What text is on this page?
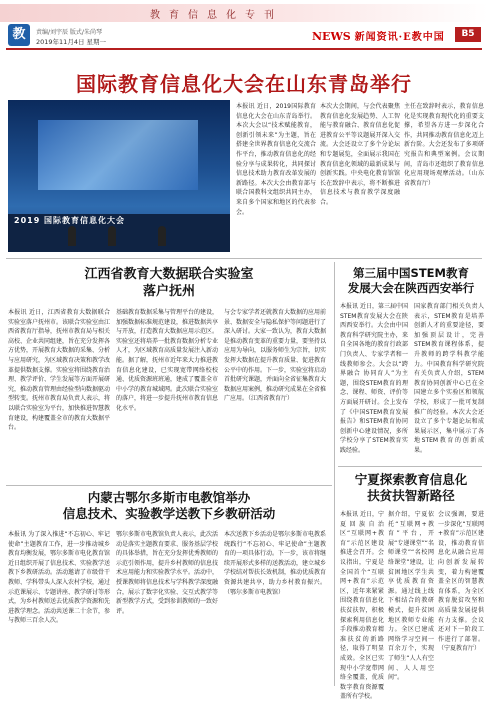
教育信息化专刊
教	责编/刘宇辰 版式/朱尚琴
2019年11月4日 星期一	NEWS 新闻资讯·E教中国	B5
国际教育信息化大会在山东青岛举行
2019 国际教育信息化大会
本报讯 近日，2019国际教育信息化大会在山东青岛举行。本次大会以“技术赋能教育，创新引领未来”为主题，旨在搭建全世界教育信息化交流合作平台，推动教育信息化的经验分享与成果转化，共同探讨信息技术助力教育改革发展的新路径。本次大会由教育部与联合国教科文组织共同主办，来自多个国家和地区的代表参会。
本次大会期间，与会代表聚焦教育信息化发展趋势、人工智能与教育融合、教育信息化促进教育公平等议题展开深入交流。大会还设立了多个分论坛和专题展览，全面展示我国在教育信息化领域的最新成果与创新实践。中央电化教育馆馆长在致辞中表示，将不断推进信息技术与教育教学深度融合。
主任在致辞时表示，教育信息化是实现教育现代化的重要支撑，希望各方进一步深化合作，共同推动教育信息化迈上新台阶。大会还发布了多项研究报告和典型案例。会议期间，青岛市还组织了教育信息化应用现场观摩活动。（山东省教育厅）
江西省教育大数据联合实验室
落户抚州
本报讯 近日，江西省教育大数据联合实验室落户抚州市。该联合实验室由江西省教育厅指导，抚州市教育局与相关高校、企业共同组建，旨在充分发挥各方优势，开展教育大数据的采集、分析与应用研究，为区域教育决策和教学改革提供数据支撑。实验室将围绕教育治理、教学评价、学生发展等方面开展研究，推动教育管理由经验型向数据驱动型转变。抚州市教育局负责人表示，将以联合实验室为平台，加快推进智慧教育建设，构建覆盖全市的教育大数据平台。
基础教育数据采集与管理平台的建设，加强数据标准规范建设，推进数据共享与开放，打造教育大数据应用示范区。实验室还将培养一批教育数据分析专业人才，为区域教育高质量发展注入新动能。据了解，抚州市近年来大力推进教育信息化建设，已实现宽带网络校校通、优质资源班班通，建成了覆盖全市中小学的教育城域网。此次联合实验室的落户，将进一步提升抚州市教育信息化水平。
与会专家学者还就教育大数据的应用前景、数据安全与隐私保护等问题进行了深入研讨。大家一致认为，教育大数据是推动教育变革的重要力量，要坚持以应用为导向，以服务师生为宗旨，切实发挥大数据在提升教育质量、促进教育公平中的作用。下一步，实验室将启动首批研究课题，并面向全省征集教育大数据应用案例，推动研究成果在全省推广应用。（江西省教育厅）
第三届中国STEM教育
发展大会在陕西西安举行
本报讯 近日，第三届中国STEM教育发展大会在陕西西安举行。大会由中国教育科学研究院主办，来自全国各地的教育行政部门负责人、专家学者和一线教师参会。大会以“跨界融合 协同育人”为主题，围绕STEM教育的理念、课程、师资、评价等方面展开研讨。会上发布了《中国STEM教育发展报告》和STEM教育协同创新中心建设情况，多所学校分享了STEM教育实践经验。
国家教育部门相关负责人表示，STEM教育是培养创新人才的重要途径，要加强顶层设计，完善STEM教育课程体系，提升教师的跨学科教学能力。中国教育科学研究院有关负责人介绍，STEM教育协同创新中心已在全国建立多个实验区和领航学校，形成了一批可复制推广的经验。本次大会还设立了多个专题论坛和成果展示区，集中展示了各地STEM教育的创新成果。
内蒙古鄂尔多斯市电教馆举办
信息技术、实验教学送教下乡教研活动
本报讯 为了深入推进“不忘初心、牢记使命”主题教育工作，进一步推动城乡教育均衡发展，鄂尔多斯市电化教育馆近日组织开展了信息技术、实验教学送教下乡教研活动。活动邀请了市级骨干教师、学科带头人深入农村学校，通过示范课展示、专题讲座、教学研讨等形式，为乡村教师送去优质教学资源和先进教学理念。活动共送课二十余节，参与教师三百余人次。
鄂尔多斯市电教馆负责人表示，此次活动是落实主题教育要求、服务基层学校的具体举措，旨在充分发挥优秀教师的示范引领作用，提升乡村教师的信息技术应用能力和实验教学水平。活动中，授课教师将信息技术与学科教学深度融合，展示了数字化实验、交互式教学等新型教学方式，受到参训教师的一致好评。
本次送教下乡活动是鄂尔多斯市电教系统践行“不忘初心、牢记使命”主题教育的一项具体行动。下一步，该市将继续开展形式多样的送教活动，建立城乡学校结对帮扶长效机制，推动优质教育资源共建共享，助力乡村教育振兴。（鄂尔多斯市电教馆）
宁夏探索教育信息化
扶贫扶智新路径
本报讯 近日，宁夏回族自治区“互联网+教育”示范区建设推进会召开。会议指出，宁夏是全国首个“互联网+教育”示范区，近年来紧紧围绕教育信息化扶贫扶智，积极探索利用信息化手段推动教育精准扶贫的新路径，取得了明显成效。全区已实现中小学宽带网络全覆盖，优质数字教育资源覆盖所有学校。
据介绍，宁夏依托“互联网+教育”平台，开展“专递课堂”“名师课堂”“名校网络课堂”建设，让贫困地区学生共享优质教育资源。通过线上线下相结合的教研模式，提升贫困地区教师专业能力。全区已建成网络学习空间一百余万个，实现了师生“人人有空间、人人用空间”。
会议强调，要进一步深化“互联网+教育”示范区建设，推动教育信息化从融合应用向创新发展转变，着力构建覆盖全区的智慧教育体系，为全区教育脱贫攻坚和高质量发展提供有力支撑。会议还对下一阶段工作进行了部署。（宁夏教育厅）
